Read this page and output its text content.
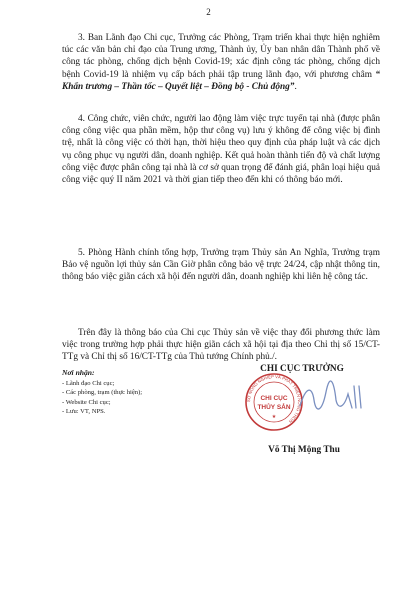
2

3. Ban Lãnh đạo Chi cục, Trưởng các Phòng, Trạm triển khai thực hiện nghiêm túc các văn bản chỉ đạo của Trung ương, Thành ủy, Ủy ban nhân dân Thành phố về công tác phòng, chống dịch bệnh Covid-19; xác định công tác phòng, chống dịch bệnh Covid-19 là nhiệm vụ cấp bách phải tập trung lãnh đạo, với phương châm “ Khẩn trương – Thần tốc – Quyết liệt – Đồng bộ - Chủ động”.

4. Công chức, viên chức, người lao động làm việc trực tuyến tại nhà (được phân công công việc qua phần mềm, hộp thư công vụ) lưu ý không để công việc bị đình trệ, nhất là công việc có thời hạn, thời hiệu theo quy định của pháp luật và các dịch vụ công phục vụ người dân, doanh nghiệp. Kết quả hoàn thành tiến độ và chất lượng công việc được phân công tại nhà là cơ sở quan trọng để đánh giá, phân loại hiệu quả công việc quý II năm 2021 và thời gian tiếp theo đến khi có thông báo mới.

5. Phòng Hành chính tổng hợp, Trưởng trạm Thủy sản An Nghĩa, Trưởng trạm Bảo vệ nguồn lợi thủy sản Cần Giờ phân công bảo vệ trực 24/24, cập nhật thông tin, thông báo việc giãn cách xã hội đến người dân, doanh nghiệp khi liên hệ công tác.

Trên đây là thông báo của Chi cục Thủy sản về việc thay đổi phương thức làm việc trong trường hợp phải thực hiện giãn cách xã hội tại địa theo Chỉ thị số 15/CT-TTg và Chỉ thị số 16/CT-TTg của Thủ tướng Chính phủ./.

Nơi nhận:
- Lãnh đạo Chi cục;
- Các phòng, trạm (thực hiện);
- Website Chi cục;
- Lưu: VT, NPS.
SỞ NÔNG NGHIỆP VÀ PHÁT TRIỂN NÔNG THÔN
CHI CỤC
THỦY SẢN
★
CHI CỤC TRƯỞNG
Võ Thị Mộng Thu
